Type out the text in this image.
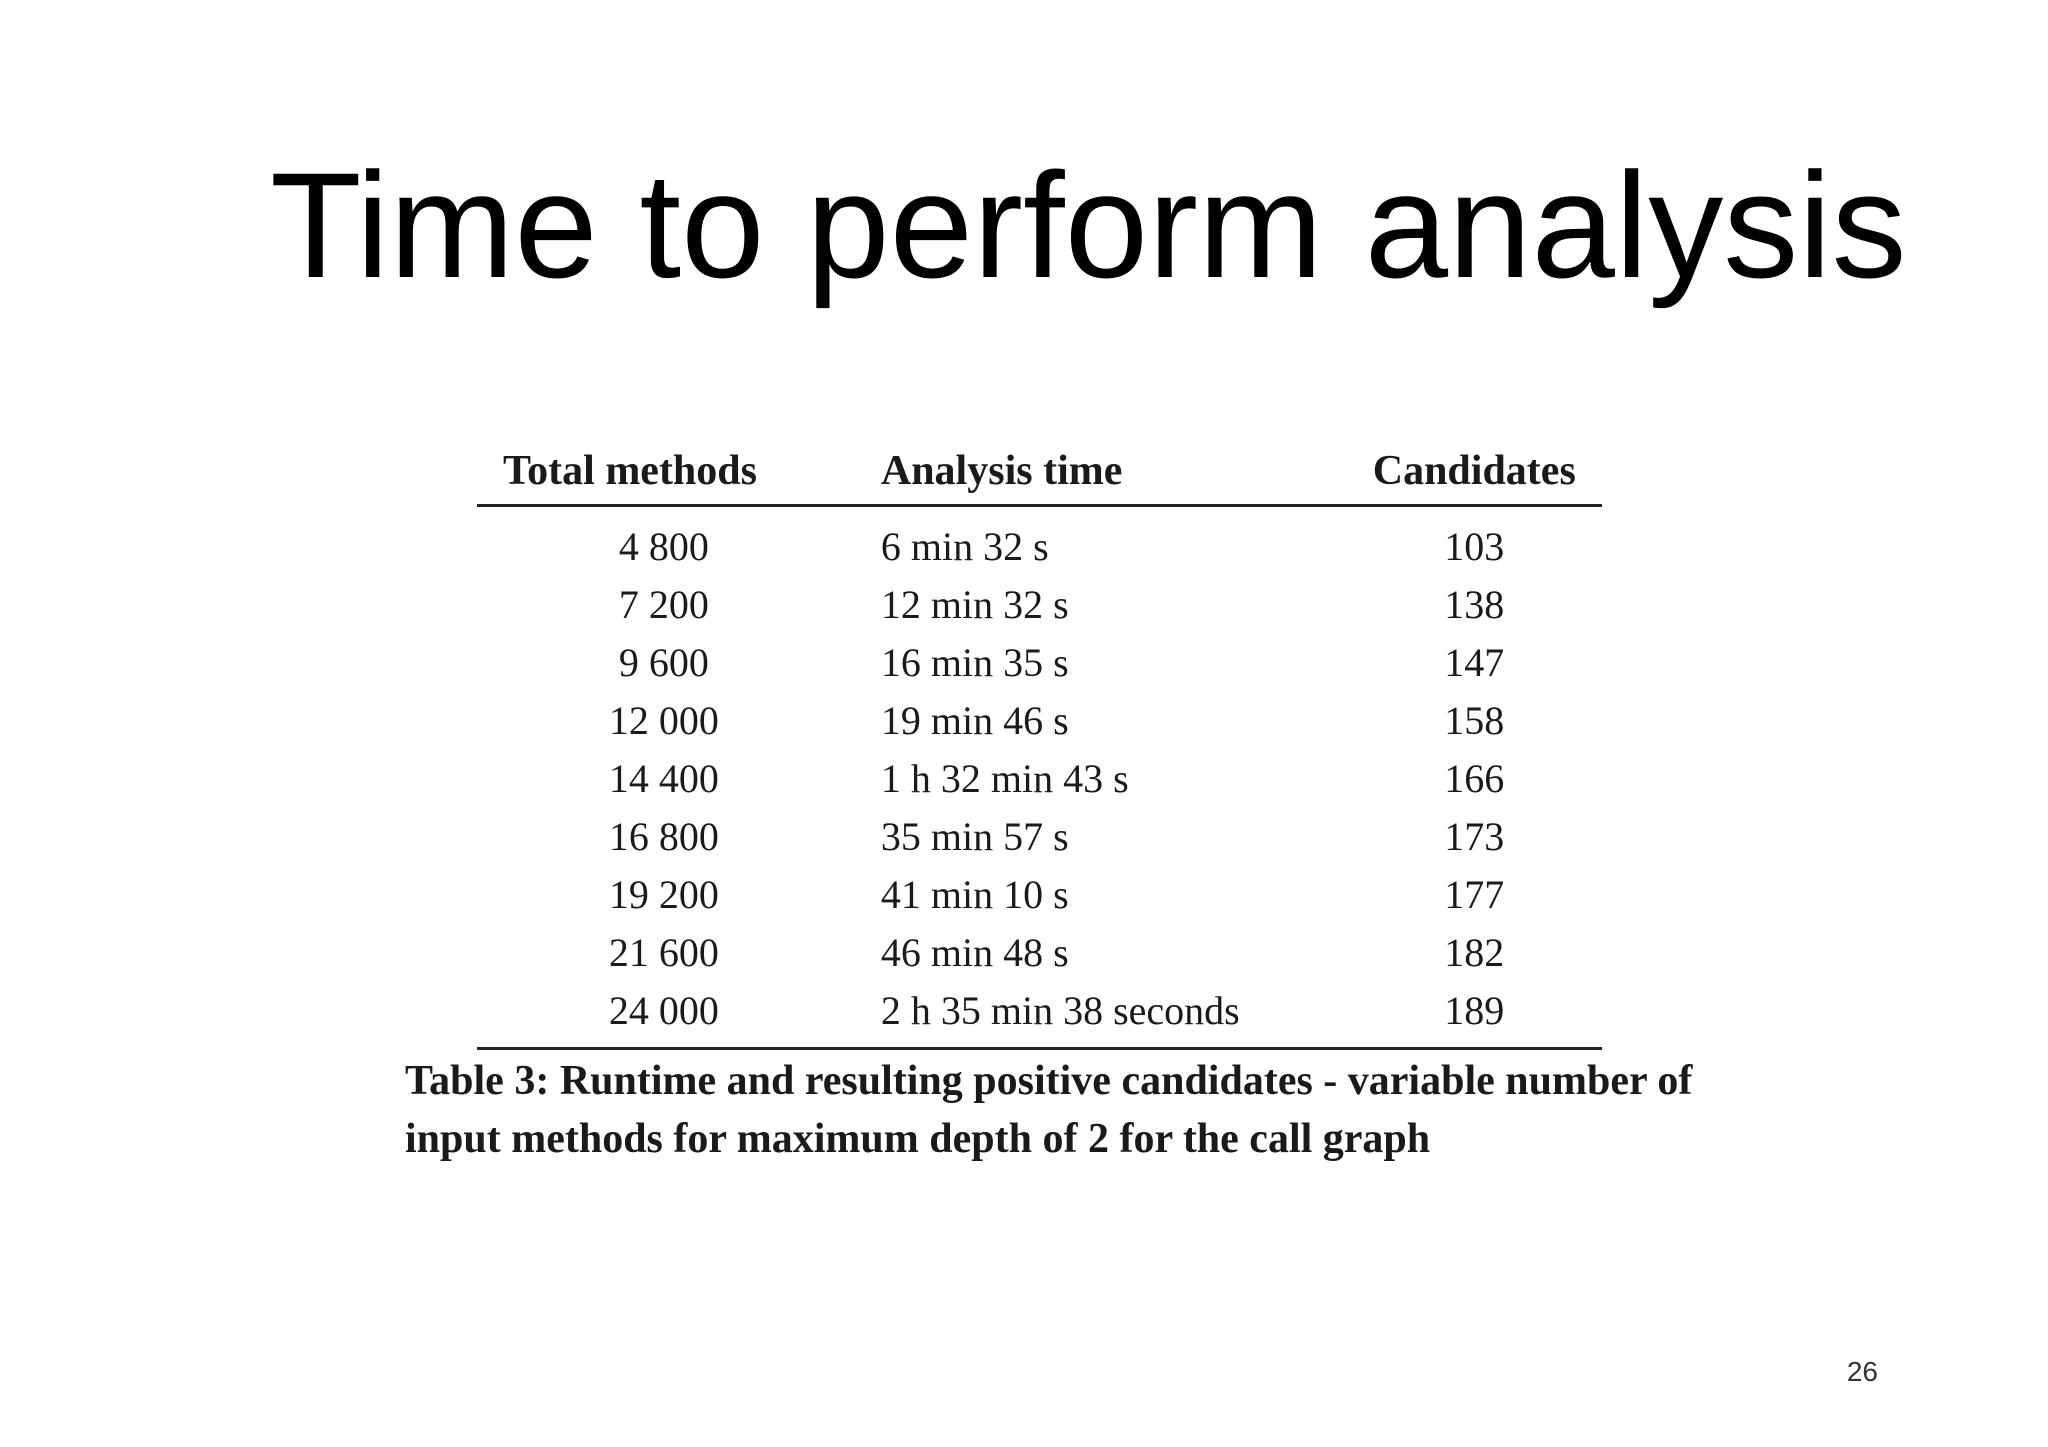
Time to perform analysis
Total methods	Analysis time	Candidates
4 800	6 min 32 s	103
7 200	12 min 32 s	138
9 600	16 min 35 s	147
12 000	19 min 46 s	158
14 400	1 h 32 min 43 s	166
16 800	35 min 57 s	173
19 200	41 min 10 s	177
21 600	46 min 48 s	182
24 000	2 h 35 min 38 seconds	189

Table 3: Runtime and resulting positive candidates - variable number of input methods for maximum depth of 2 for the call graph

26
